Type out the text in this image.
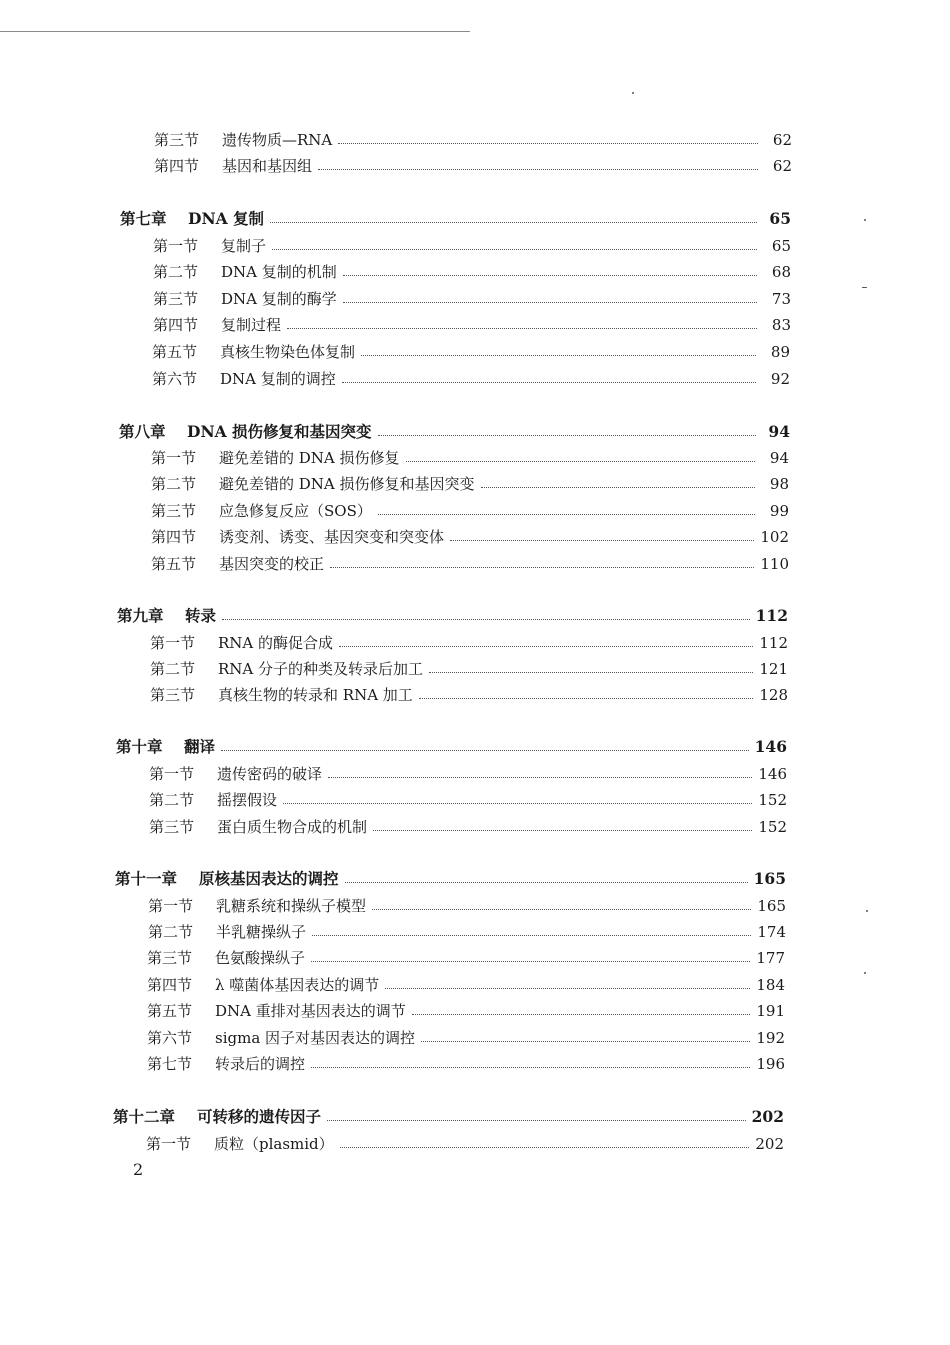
第三节	遗传物质—RNA	62
第四节	基因和基因组	62
第七章	DNA 复制	65
第一节	复制子	65
第二节	DNA 复制的机制	68
第三节	DNA 复制的酶学	73
第四节	复制过程	83
第五节	真核生物染色体复制	89
第六节	DNA 复制的调控	92
第八章	DNA 损伤修复和基因突变	94
第一节	避免差错的 DNA 损伤修复	94
第二节	避免差错的 DNA 损伤修复和基因突变	98
第三节	应急修复反应（SOS）	99
第四节	诱变剂、诱变、基因突变和突变体	102
第五节	基因突变的校正	110
第九章	转录	112
第一节	RNA 的酶促合成	112
第二节	RNA 分子的种类及转录后加工	121
第三节	真核生物的转录和 RNA 加工	128
第十章	翻译	146
第一节	遗传密码的破译	146
第二节	摇摆假设	152
第三节	蛋白质生物合成的机制	152
第十一章	原核基因表达的调控	165
第一节	乳糖系统和操纵子模型	165
第二节	半乳糖操纵子	174
第三节	色氨酸操纵子	177
第四节	λ 噬菌体基因表达的调节	184
第五节	DNA 重排对基因表达的调节	191
第六节	sigma 因子对基因表达的调控	192
第七节	转录后的调控	196
第十二章	可转移的遗传因子	202
第一节	质粒（plasmid）	202
2
